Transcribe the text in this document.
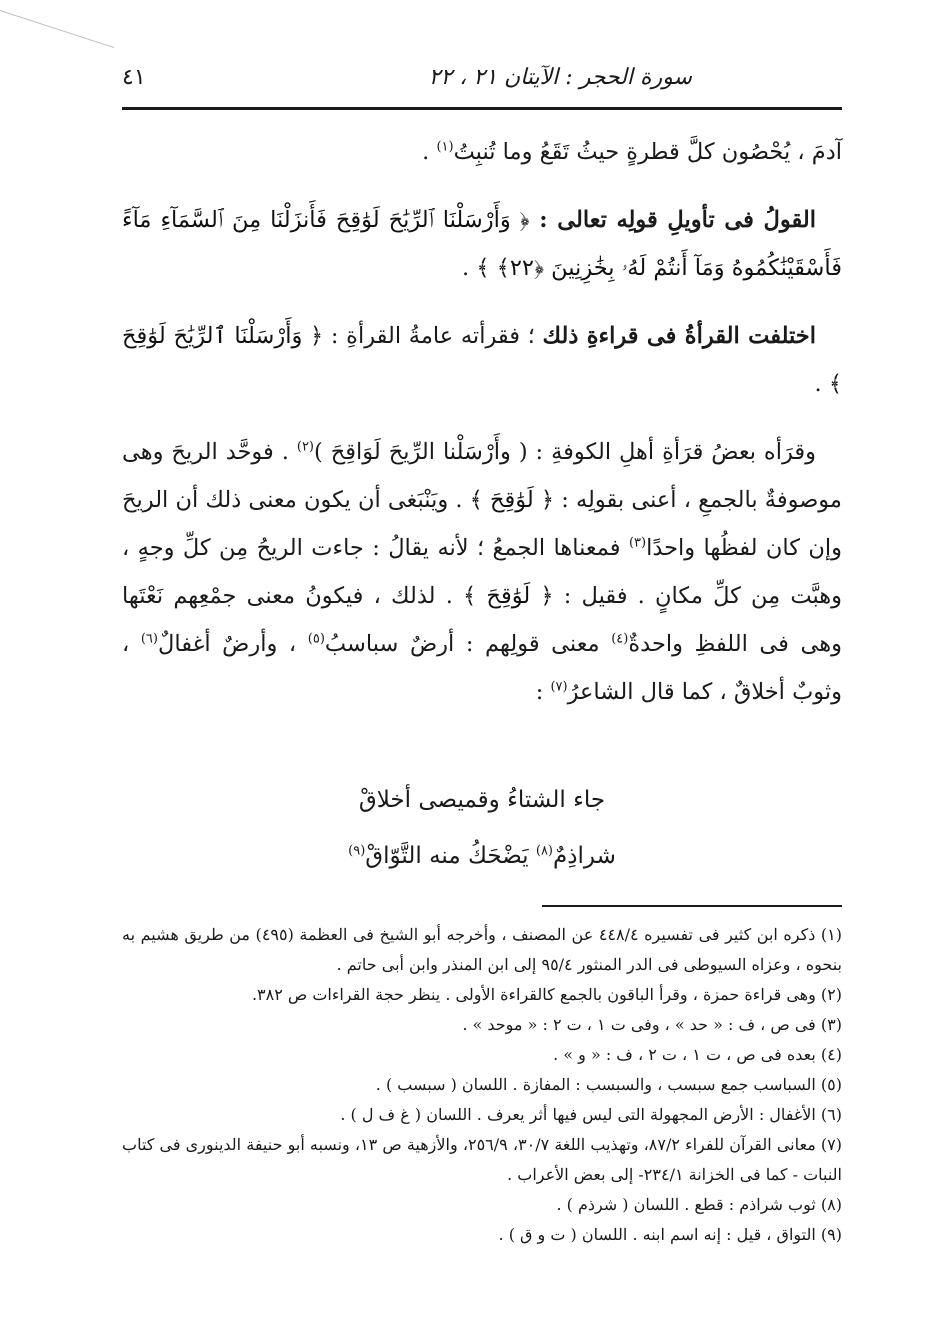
سورة الحجر : الآيتان ٢١ ، ٢٢
٤١

آدمَ ، يُحْصُون كلَّ قطرةٍ حيثُ تَقَعُ وما تُنبِتُ$^{(١)}$ .

القولُ فى تأويلِ قولِه تعالى : ﴿ وَأَرْسَلْنَا ٱلرِّيَٰحَ لَوَٰقِحَ فَأَنزَلْنَا مِنَ ٱلسَّمَآءِ مَآءً فَأَسْقَيْنَٰكُمُوهُ وَمَآ أَنتُمْ لَهُۥ بِخَٰزِنِينَ ﴿٢٢﴾ ﴾ .

اختلفت القرأةُ فى قراءةِ ذلك ؛ فقرأته عامةُ القرأةِ : ﴿ وَأَرْسَلْنَا ٱلرِّيَٰحَ لَوَٰقِحَ ﴾ .

وقرَأه بعضُ قرَأةِ أهلِ الكوفةِ : ( وأَرْسَلْنا الرِّيحَ لَوَاقِحَ )$^{(٢)}$ . فوحَّد الريحَ وهى موصوفةٌ بالجمعِ ، أعنى بقولِه : ﴿ لَوَٰقِحَ ﴾ . ويَنْبَغى أن يكون معنى ذلك أن الريحَ وإن كان لفظُها واحدًا$^{(٣)}$ فمعناها الجمعُ ؛ لأنه يقالُ : جاءت الريحُ مِن كلِّ وجهٍ ، وهبَّت مِن كلِّ مكانٍ . فقيل : ﴿ لَوَٰقِحَ ﴾ . لذلك ، فيكونُ معنى جمْعِهم نَعْتَها وهى فى اللفظِ واحدةٌ$^{(٤)}$ معنى قولِهم : أرضٌ سباسبُ$^{(٥)}$ ، وأرضٌ أغفالٌ$^{(٦)}$ ، وثوبٌ أخلاقٌ ، كما قال الشاعرُ$^{(٧)}$ :

جاء الشتاءُ وقميصى أخلاقْ
شراذِمٌ$^{(٨)}$ يَضْحَكُ منه التَّوّاقْ$^{(٩)}$

(١) ذكره ابن كثير فى تفسيره ٤٤٨/٤ عن المصنف ، وأخرجه أبو الشيخ فى العظمة (٤٩٥) من طريق هشيم به بنحوه ، وعزاه السيوطى فى الدر المنثور ٩٥/٤ إلى ابن المنذر وابن أبى حاتم .

(٢) وهى قراءة حمزة ، وقرأ الباقون بالجمع كالقراءة الأولى . ينظر حجة القراءات ص ٣٨٢.

(٣) فى ص ، ف : « حد » ، وفى ت ١ ، ت ٢ : « موحد » .

(٤) بعده فى ص ، ت ١ ، ت ٢ ، ف : « و » .

(٥) السباسب جمع سبسب ، والسبسب : المفازة . اللسان ( سبسب ) .

(٦) الأغفال : الأرض المجهولة التى ليس فيها أثر يعرف . اللسان ( غ ف ل ) .

(٧) معانى القرآن للفراء ٨٧/٢، وتهذيب اللغة ٣٠/٧، ٢٥٦/٩، والأزهية ص ١٣، ونسبه أبو حنيفة الدينورى فى كتاب النبات - كما فى الخزانة ٢٣٤/١- إلى بعض الأعراب .

(٨) ثوب شراذم : قطع . اللسان ( شرذم ) .

(٩) التواق ، قيل : إنه اسم ابنه . اللسان ( ت و ق ) .
